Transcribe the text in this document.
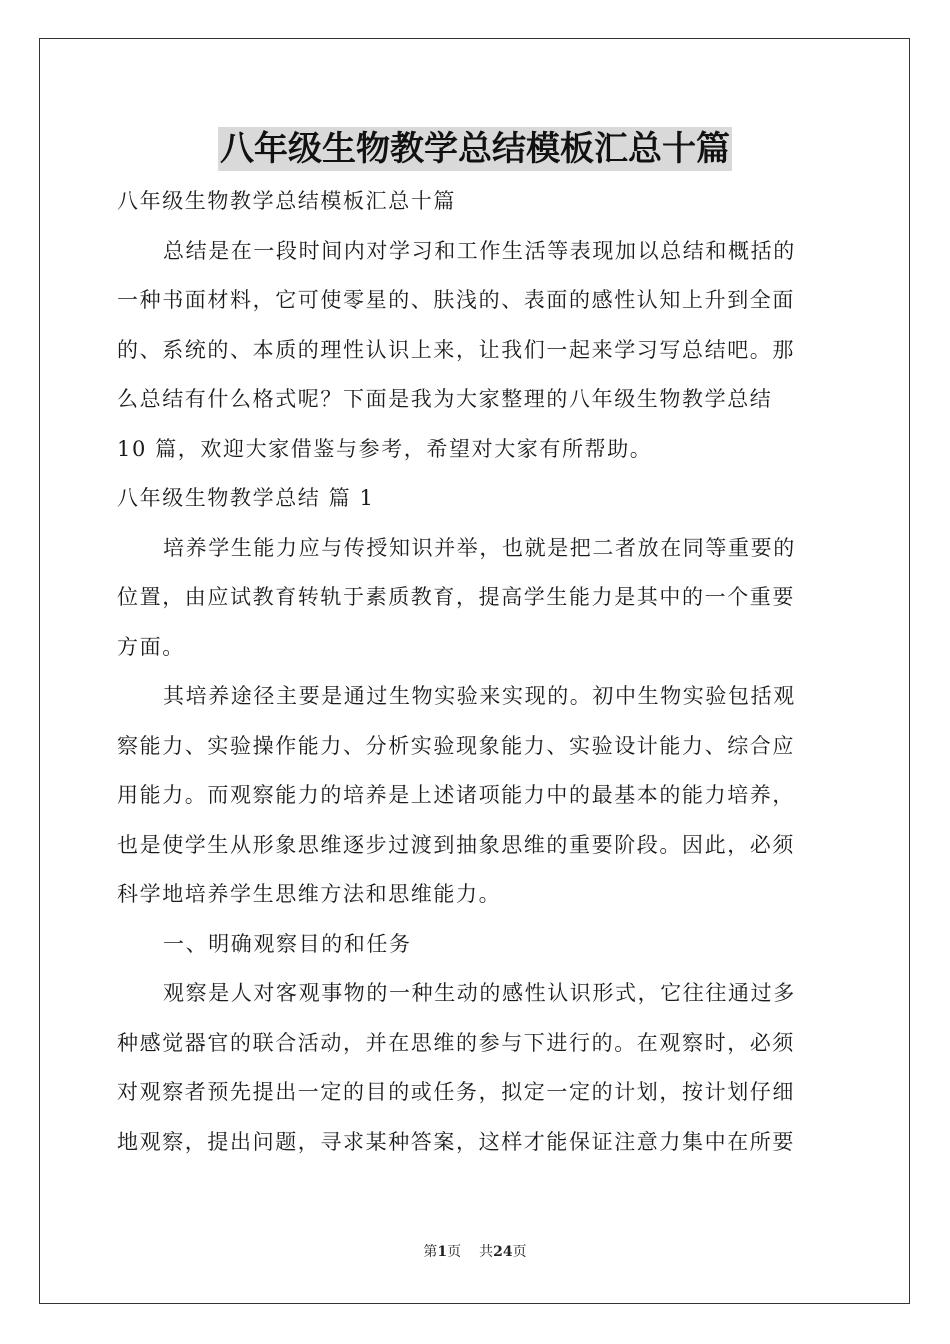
八年级生物教学总结模板汇总十篇

八年级生物教学总结模板汇总十篇

总结是在一段时间内对学习和工作生活等表现加以总结和概括的

一种书面材料，它可使零星的、肤浅的、表面的感性认知上升到全面

的、系统的、本质的理性认识上来，让我们一起来学习写总结吧。那

么总结有什么格式呢？下面是我为大家整理的八年级生物教学总结

10 篇，欢迎大家借鉴与参考，希望对大家有所帮助。

八年级生物教学总结 篇 1

培养学生能力应与传授知识并举，也就是把二者放在同等重要的

位置，由应试教育转轨于素质教育，提高学生能力是其中的一个重要

方面。

其培养途径主要是通过生物实验来实现的。初中生物实验包括观

察能力、实验操作能力、分析实验现象能力、实验设计能力、综合应

用能力。而观察能力的培养是上述诸项能力中的最基本的能力培养，

也是使学生从形象思维逐步过渡到抽象思维的重要阶段。因此，必须

科学地培养学生思维方法和思维能力。

一、明确观察目的和任务

观察是人对客观事物的一种生动的感性认识形式，它往往通过多

种感觉器官的联合活动，并在思维的参与下进行的。在观察时，必须

对观察者预先提出一定的目的或任务，拟定一定的计划，按计划仔细

地观察，提出问题，寻求某种答案，这样才能保证注意力集中在所要

第1页 共24页
